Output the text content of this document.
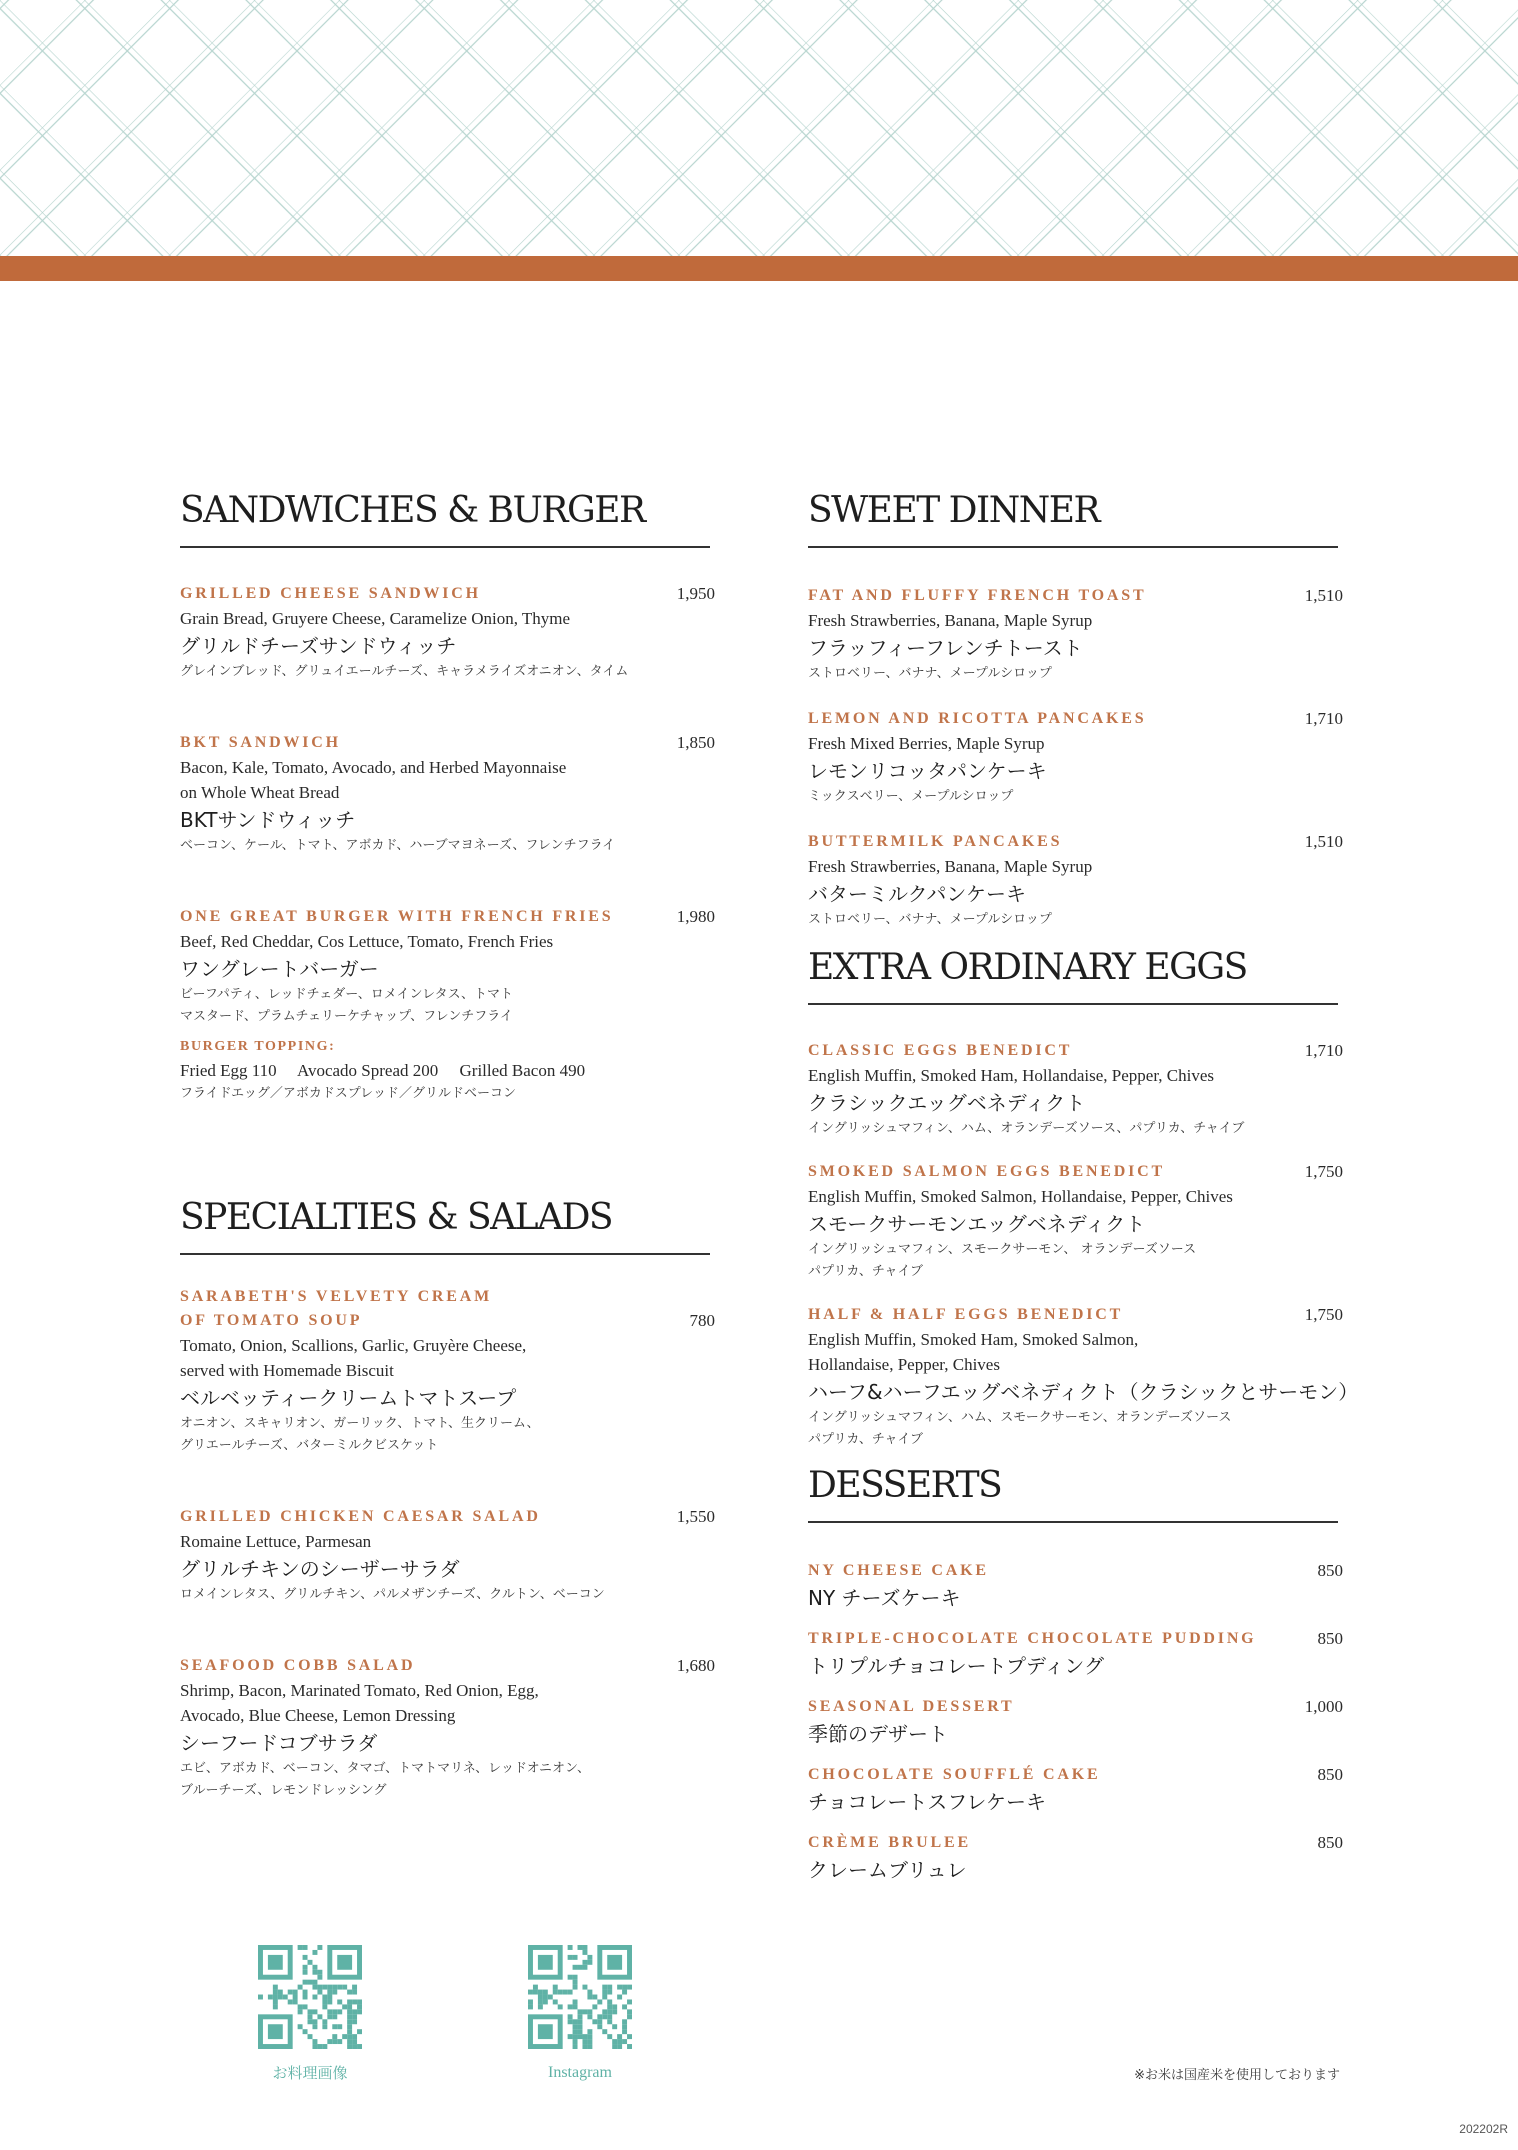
SANDWICHES & BURGER
GRILLED CHEESE SANDWICH	1,950
Grain Bread, Gruyere Cheese, Caramelize Onion, Thyme
グリルドチーズサンドウィッチ
グレインブレッド、グリュイエールチーズ、キャラメライズオニオン、タイム
BKT SANDWICH	1,850
Bacon, Kale, Tomato, Avocado, and Herbed Mayonnaise
on Whole Wheat Bread
BKTサンドウィッチ
ベーコン、ケール、トマト、アボカド、ハーブマヨネーズ、フレンチフライ
ONE GREAT BURGER WITH FRENCH FRIES	1,980
Beef, Red Cheddar, Cos Lettuce, Tomato, French Fries
ワングレートバーガー
ビーフパティ、レッドチェダー、ロメインレタス、トマト
マスタード、プラムチェリーケチャップ、フレンチフライ
BURGER TOPPING:
Fried Egg 110　 Avocado Spread 200　 Grilled Bacon 490
フライドエッグ／アボカドスプレッド／グリルドベーコン
SPECIALTIES & SALADS
SARABETH'S VELVETY CREAM
OF TOMATO SOUP	780
Tomato, Onion, Scallions, Garlic, Gruyère Cheese,
served with Homemade Biscuit
ベルベッティークリームトマトスープ
オニオン、スキャリオン、ガーリック、トマト、生クリーム、
グリエールチーズ、バターミルクビスケット
GRILLED CHICKEN CAESAR SALAD	1,550
Romaine Lettuce, Parmesan
グリルチキンのシーザーサラダ
ロメインレタス、グリルチキン、パルメザンチーズ、クルトン、ベーコン
SEAFOOD COBB SALAD	1,680
Shrimp, Bacon, Marinated Tomato, Red Onion, Egg,
Avocado, Blue Cheese, Lemon Dressing
シーフードコブサラダ
エビ、アボカド、ベーコン、タマゴ、トマトマリネ、レッドオニオン、
ブルーチーズ、レモンドレッシング
SWEET DINNER
FAT AND FLUFFY FRENCH TOAST	1,510
Fresh Strawberries, Banana, Maple Syrup
フラッフィーフレンチトースト
ストロベリー、バナナ、メープルシロップ
LEMON AND RICOTTA PANCAKES	1,710
Fresh Mixed Berries, Maple Syrup
レモンリコッタパンケーキ
ミックスベリー、メープルシロップ
BUTTERMILK PANCAKES	1,510
Fresh Strawberries, Banana, Maple Syrup
バターミルクパンケーキ
ストロベリー、バナナ、メープルシロップ
EXTRA ORDINARY EGGS
CLASSIC EGGS BENEDICT	1,710
English Muffin, Smoked Ham, Hollandaise, Pepper, Chives
クラシックエッグベネディクト
イングリッシュマフィン、ハム、オランデーズソース、パプリカ、チャイブ
SMOKED SALMON EGGS BENEDICT	1,750
English Muffin, Smoked Salmon, Hollandaise, Pepper, Chives
スモークサーモンエッグベネディクト
イングリッシュマフィン、スモークサーモン、 オランデーズソース
パプリカ、チャイブ
HALF & HALF EGGS BENEDICT	1,750
English Muffin, Smoked Ham, Smoked Salmon,
Hollandaise, Pepper, Chives
ハーフ&ハーフエッグベネディクト（クラシックとサーモン）
イングリッシュマフィン、ハム、スモークサーモン、オランデーズソース
パプリカ、チャイブ
DESSERTS
NY CHEESE CAKE	850
NY チーズケーキ
TRIPLE-CHOCOLATE CHOCOLATE PUDDING	850
トリプルチョコレートプディング
SEASONAL DESSERT	1,000
季節のデザート
CHOCOLATE SOUFFLÉ CAKE	850
チョコレートスフレケーキ
CRÈME BRULEE	850
クレームブリュレ
お料理画像	Instagram	※お米は国産米を使用しております
202202R
